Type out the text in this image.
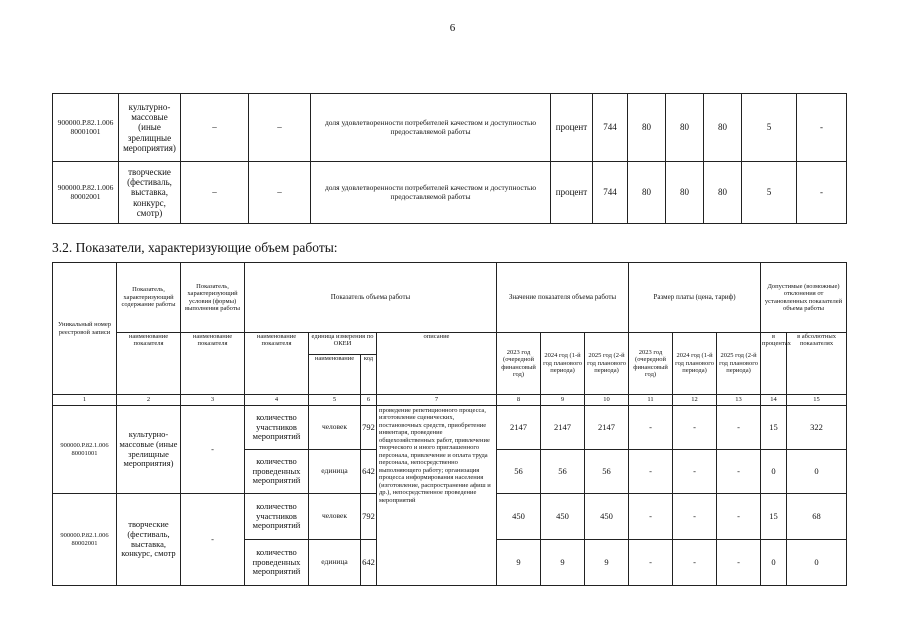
6
900000.Р.82.1.006 80001001	культурно-массовые (иные зрелищные мероприятия)	–	–	доля удовлетворенности потребителей качеством и доступностью предоставляемой работы	процент	744	80	80	80	5	-
900000.Р.82.1.006 80002001	творческие (фестиваль, выставка, конкурс, смотр)	–	–	доля удовлетворенности потребителей качеством и доступностью предоставляемой работы	процент	744	80	80	80	5	-
3.2. Показатели, характеризующие объем работы:
Уникальный номер реестровой записи	Показатель, характеризующий содержание работы	Показатель, характеризующий условия (формы) выполнения работы	Показатель объема работы				Значение показателя объема работы			Размер платы (цена, тариф)			Допустимые (возможные) отклонения от установленных показателей объема работы	
	наименование показателя	наименование показателя	наименование показателя	единица измерения по ОКЕИ		описание	2023 год (очередной финансовый год)	2024 год (1-й год планового периода)	2025 год (2-й год планового периода)	2023 год (очередной финансовый год)	2024 год (1-й год планового периода)	2025 год (2-й год планового периода)	в процентах	в абсолютных показателях
				наименование	код									
1	2	3	4	5	6	7	8	9	10	11	12	13	14	15
900000.Р.82.1.006 80001001	культурно-массовые (иные зрелищные мероприятия)	-	количество участников мероприятий	человек	792	проведение репетиционного процесса, изготовление сценических, постановочных средств, приобретение инвентаря, проведение общехозяйственных работ, привлечение творческого и иного приглашенного персонала, привлечение и оплата труда персонала, непосредственно выполняющего работу; организация процесса информирования населения (изготовление, распространение афиш и др.), непосредственное проведение мероприятий	2147	2147	2147	-	-	-	15	322
			количество проведенных мероприятий	единица	642		56	56	56	-	-	-	0	0
900000.Р.82.1.006 80002001	творческие (фестиваль, выставка, конкурс, смотр	-	количество участников мероприятий	человек	792		450	450	450	-	-	-	15	68
			количество проведенных мероприятий	единица	642		9	9	9	-	-	-	0	0
